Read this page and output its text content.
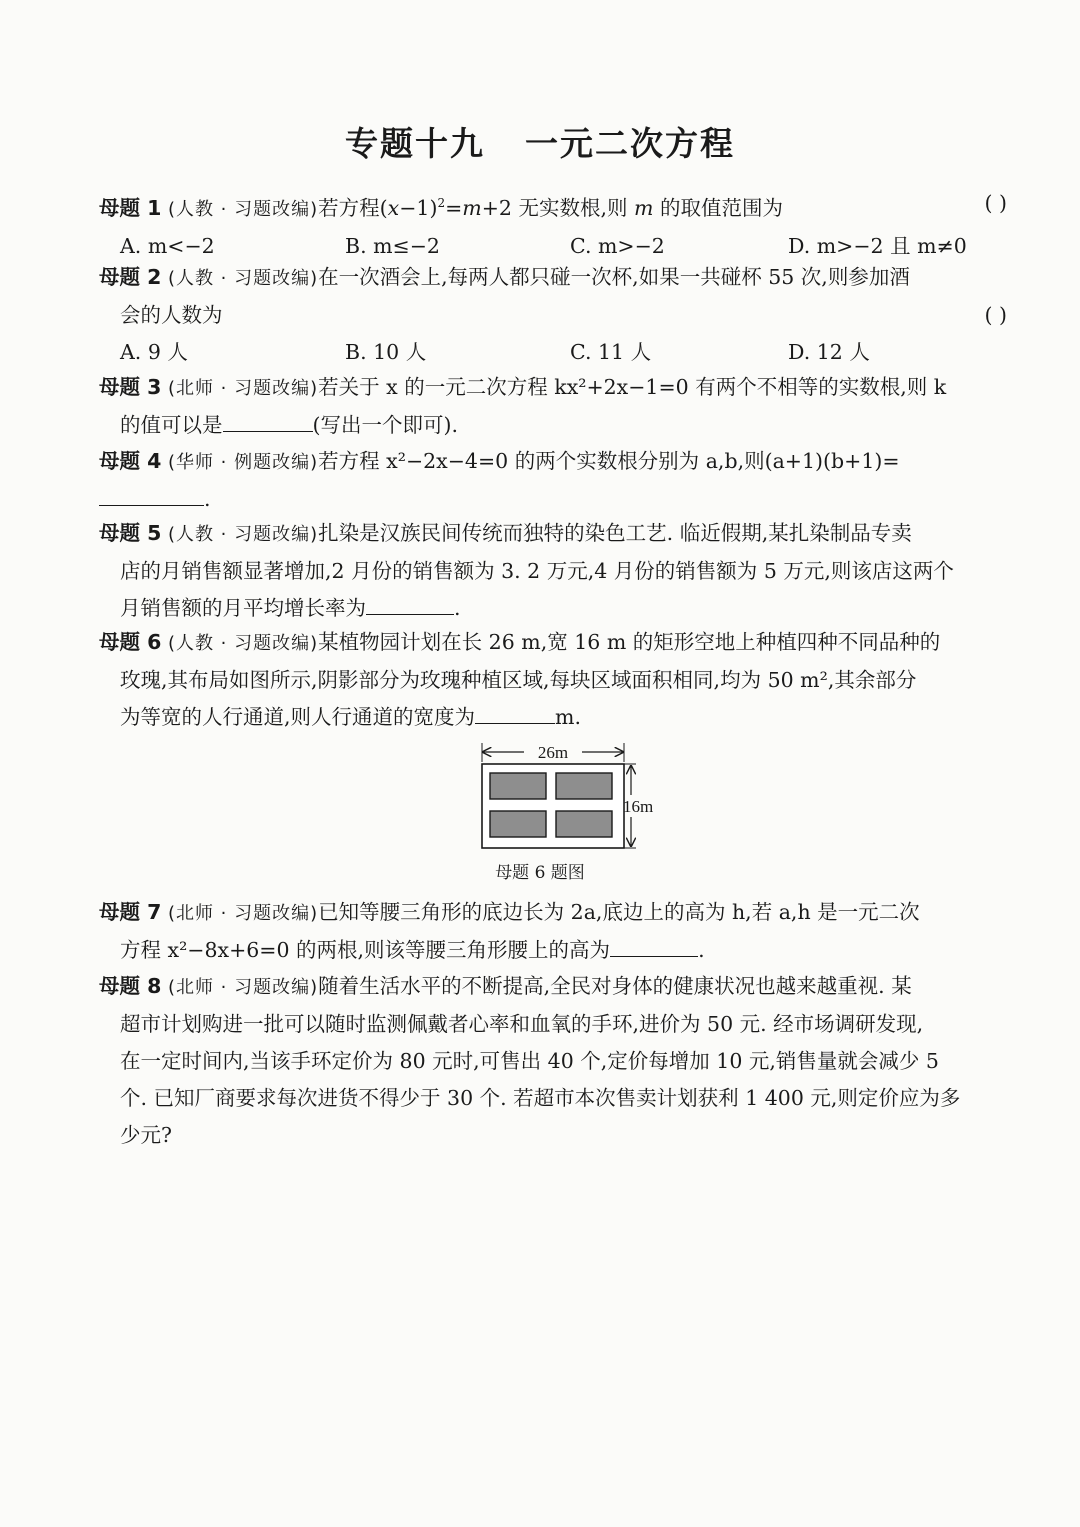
专题十九 一元二次方程

母题 1 (人教 · 习题改编)若方程$(x-1)^2=m+2$ 无实数根,则 m 的取值范围为	( )

A. m<−2	B. m≤−2	C. m>−2	D. m>−2 且 m≠0

母题 2 (人教 · 习题改编)在一次酒会上,每两人都只碰一次杯,如果一共碰杯 55 次,则参加酒

会的人数为	( )

A. 9 人	B. 10 人	C. 11 人	D. 12 人

母题 3 (北师 · 习题改编)若关于 x 的一元二次方程 kx²+2x−1=0 有两个不相等的实数根,则 k

的值可以是	(写出一个即可).

母题 4 (华师 · 例题改编)若方程 x²−2x−4=0 的两个实数根分别为 a,b,则(a+1)(b+1)=

.

母题 5 (人教 · 习题改编)扎染是汉族民间传统而独特的染色工艺. 临近假期,某扎染制品专卖

店的月销售额显著增加,2 月份的销售额为 3. 2 万元,4 月份的销售额为 5 万元,则该店这两个

月销售额的月平均增长率为	.

母题 6 (人教 · 习题改编)某植物园计划在长 26 m,宽 16 m 的矩形空地上种植四种不同品种的

玫瑰,其布局如图所示,阴影部分为玫瑰种植区域,每块区域面积相同,均为 50 m²,其余部分

为等宽的人行通道,则人行通道的宽度为	m.

26m
16m
母题 6 题图

母题 7 (北师 · 习题改编)已知等腰三角形的底边长为 2a,底边上的高为 h,若 a,h 是一元二次

方程 x²−8x+6=0 的两根,则该等腰三角形腰上的高为	.

母题 8 (北师 · 习题改编)随着生活水平的不断提高,全民对身体的健康状况也越来越重视. 某

超市计划购进一批可以随时监测佩戴者心率和血氧的手环,进价为 50 元. 经市场调研发现,

在一定时间内,当该手环定价为 80 元时,可售出 40 个,定价每增加 10 元,销售量就会减少 5

个. 已知厂商要求每次进货不得少于 30 个. 若超市本次售卖计划获利 1 400 元,则定价应为多

少元?
